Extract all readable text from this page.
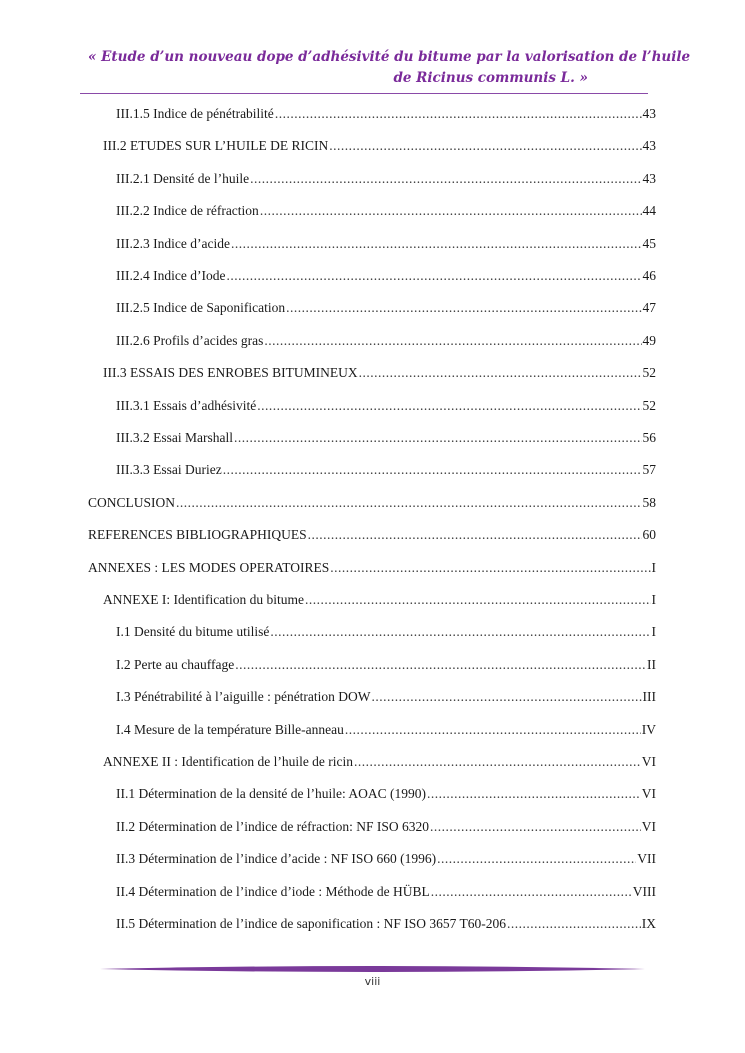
« Etude d’un nouveau dope d’adhésivité du bitume par la valorisation de l’huile
de Ricinus communis L. »
III.1.5 Indice de pénétrabilité .....	43
III.2 ETUDES SUR L’HUILE DE RICIN .....	43
III.2.1 Densité de l’huile .....	43
III.2.2 Indice de réfraction .....	44
III.2.3 Indice d’acide .....	45
III.2.4 Indice d’Iode .....	46
III.2.5 Indice de Saponification .....	47
III.2.6 Profils d’acides gras .....	49
III.3 ESSAIS DES ENROBES BITUMINEUX .....	52
III.3.1 Essais d’adhésivité .....	52
III.3.2 Essai Marshall .....	56
III.3.3 Essai Duriez .....	57
CONCLUSION .....	58
REFERENCES BIBLIOGRAPHIQUES .....	60
ANNEXES : LES MODES OPERATOIRES .....	I
ANNEXE I: Identification du bitume .....	I
I.1 Densité du bitume utilisé .....	I
I.2 Perte au chauffage .....	II
I.3 Pénétrabilité à l’aiguille : pénétration DOW .....	III
I.4 Mesure de la température Bille-anneau .....	IV
ANNEXE II : Identification de l’huile de ricin .....	VI
II.1 Détermination de la densité de l’huile: AOAC (1990) .....	VI
II.2 Détermination de l’indice de réfraction: NF ISO 6320 .....	VI
II.3 Détermination de l’indice d’acide : NF ISO 660 (1996) .....	VII
II.4 Détermination de l’indice d’iode : Méthode de HÜBL .....	VIII
II.5 Détermination de l’indice de saponification : NF ISO 3657 T60-206 .....	IX
viii
